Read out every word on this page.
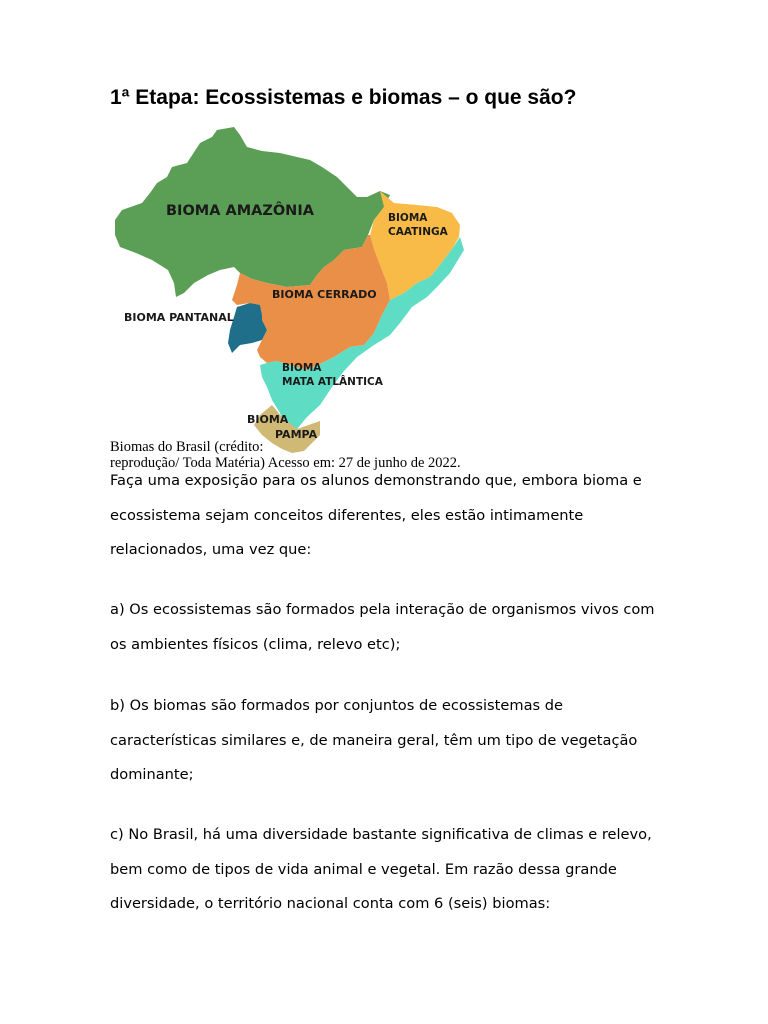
1ª Etapa: Ecossistemas e biomas – o que são?
BIOMA AMAZÔNIA	BIOMA
CAATINGA
BIOMA CERRADO
BIOMA PANTANAL
BIOMA
MATA ATLÂNTICA
BIOMA
PAMPA

Biomas do Brasil (crédito:
reprodução/ Toda Matéria) Acesso em: 27 de junho de 2022.

Faça uma exposição para os alunos demonstrando que, embora bioma e ecossistema sejam conceitos diferentes, eles estão intimamente relacionados, uma vez que:

a) Os ecossistemas são formados pela interação de organismos vivos com os ambientes físicos (clima, relevo etc);

b) Os biomas são formados por conjuntos de ecossistemas de características similares e, de maneira geral, têm um tipo de vegetação dominante;

c) No Brasil, há uma diversidade bastante significativa de climas e relevo, bem como de tipos de vida animal e vegetal. Em razão dessa grande diversidade, o território nacional conta com 6 (seis) biomas:
